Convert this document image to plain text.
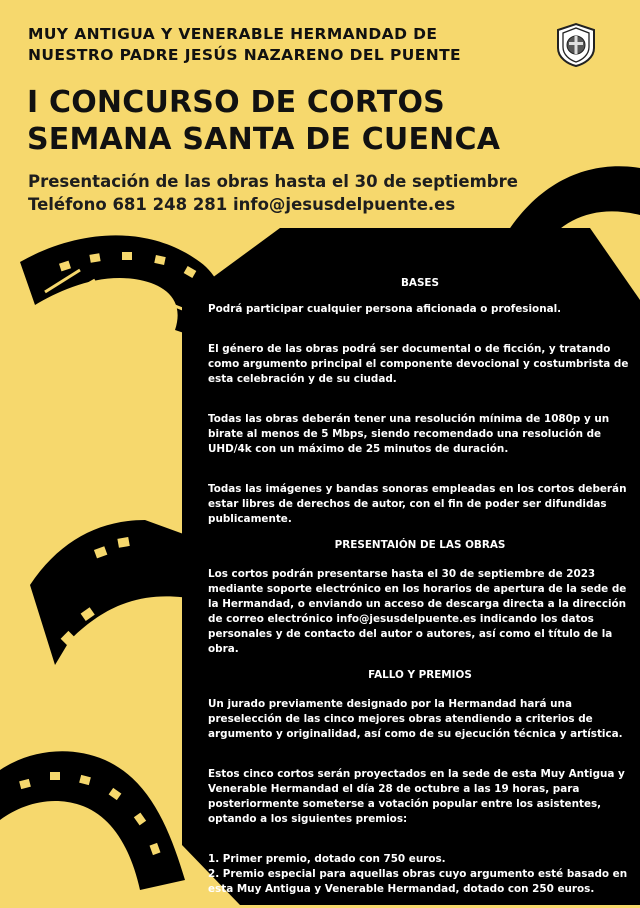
MUY ANTIGUA Y VENERABLE HERMANDAD DE
NUESTRO PADRE JESÚS NAZARENO DEL PUENTE
I CONCURSO DE CORTOS
SEMANA SANTA DE CUENCA
Presentación de las obras hasta el 30 de septiembre
Teléfono 681 248 281 info@jesusdelpuente.es
BASES

Podrá participar cualquier persona aficionada o profesional.

El género de las obras podrá ser documental o de ficción, y tratando como argumento principal el componente devocional y costumbrista de esta celebración y de su ciudad.

Todas las obras deberán tener una resolución mínima de 1080p y un birate al menos de 5 Mbps, siendo recomendado una resolución de UHD/4k con un máximo de 25 minutos de duración.

Todas las imágenes y bandas sonoras empleadas en los cortos deberán estar libres de derechos de autor, con el fin de poder ser difundidas publicamente.

PRESENTAIÓN DE LAS OBRAS

Los cortos podrán presentarse hasta el 30 de septiembre de 2023 mediante soporte electrónico en los horarios de apertura de la sede de la Hermandad, o enviando un acceso de descarga directa a la dirección de correo electrónico info@jesusdelpuente.es indicando los datos personales y de contacto del autor o autores, así como el título de la obra.

FALLO Y PREMIOS

Un jurado previamente designado por la Hermandad hará una preselección de las cinco mejores obras atendiendo a criterios de argumento y originalidad, así como de su ejecución técnica y artística.

Estos cinco cortos serán proyectados en la sede de esta Muy Antigua y Venerable Hermandad el día 28 de octubre a las 19 horas, para posteriormente someterse a votación popular entre los asistentes, optando a los siguientes premios:

1. Primer premio, dotado con 750 euros.

2. Premio especial para aquellas obras cuyo argumento esté basado en esta Muy Antigua y Venerable Hermandad, dotado con 250 euros.
